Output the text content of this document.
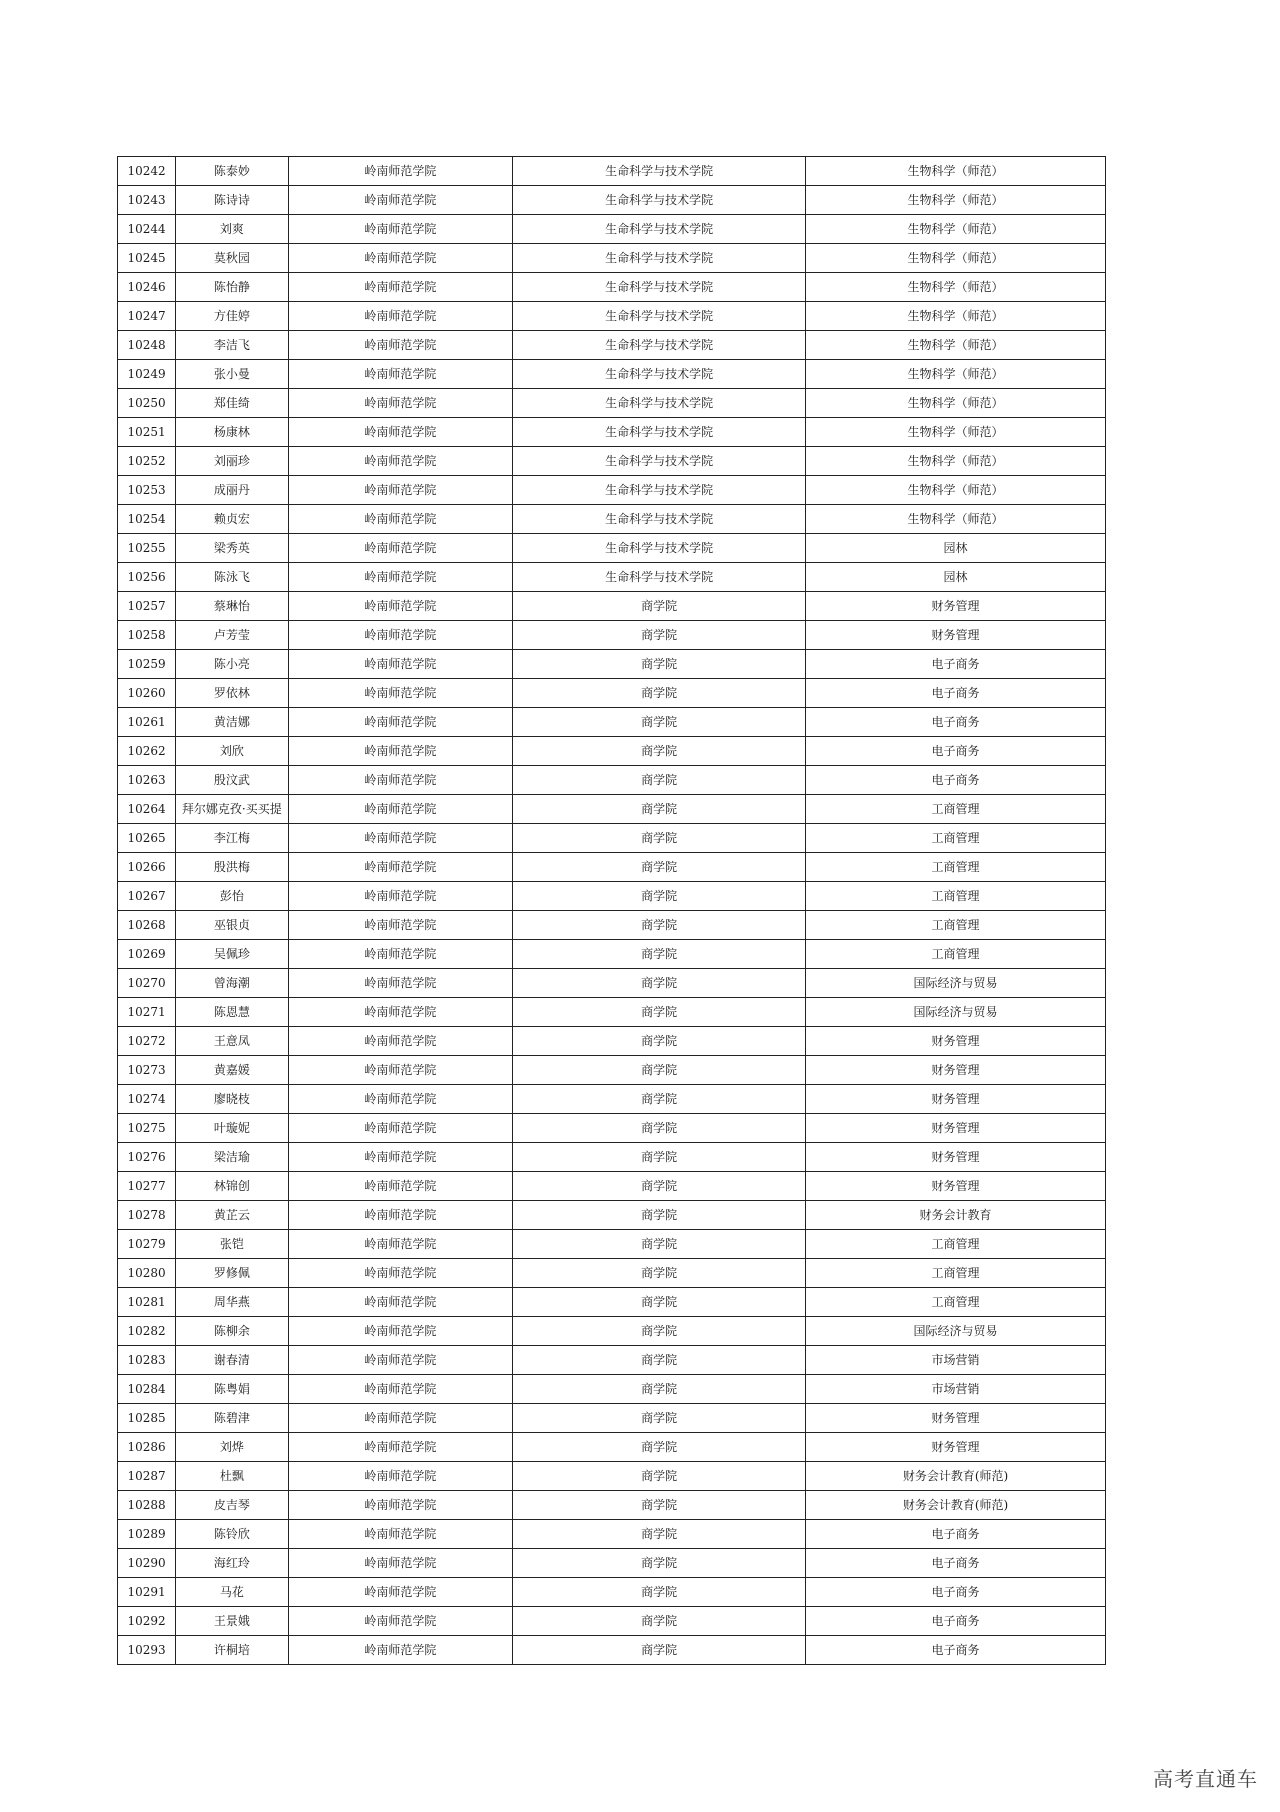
10242	陈泰妙	岭南师范学院	生命科学与技术学院	生物科学（师范）
10243	陈诗诗	岭南师范学院	生命科学与技术学院	生物科学（师范）
10244	刘爽	岭南师范学院	生命科学与技术学院	生物科学（师范）
10245	莫秋园	岭南师范学院	生命科学与技术学院	生物科学（师范）
10246	陈怡静	岭南师范学院	生命科学与技术学院	生物科学（师范）
10247	方佳婷	岭南师范学院	生命科学与技术学院	生物科学（师范）
10248	李洁飞	岭南师范学院	生命科学与技术学院	生物科学（师范）
10249	张小曼	岭南师范学院	生命科学与技术学院	生物科学（师范）
10250	郑佳绮	岭南师范学院	生命科学与技术学院	生物科学（师范）
10251	杨康林	岭南师范学院	生命科学与技术学院	生物科学（师范）
10252	刘丽珍	岭南师范学院	生命科学与技术学院	生物科学（师范）
10253	成丽丹	岭南师范学院	生命科学与技术学院	生物科学（师范）
10254	赖贞宏	岭南师范学院	生命科学与技术学院	生物科学（师范）
10255	梁秀英	岭南师范学院	生命科学与技术学院	园林
10256	陈泳飞	岭南师范学院	生命科学与技术学院	园林
10257	蔡琳怡	岭南师范学院	商学院	财务管理
10258	卢芳莹	岭南师范学院	商学院	财务管理
10259	陈小亮	岭南师范学院	商学院	电子商务
10260	罗依林	岭南师范学院	商学院	电子商务
10261	黄洁娜	岭南师范学院	商学院	电子商务
10262	刘欣	岭南师范学院	商学院	电子商务
10263	殷汶武	岭南师范学院	商学院	电子商务
10264	拜尔娜克孜·买买提	岭南师范学院	商学院	工商管理
10265	李江梅	岭南师范学院	商学院	工商管理
10266	殷洪梅	岭南师范学院	商学院	工商管理
10267	彭怡	岭南师范学院	商学院	工商管理
10268	巫银贞	岭南师范学院	商学院	工商管理
10269	吴佩珍	岭南师范学院	商学院	工商管理
10270	曾海潮	岭南师范学院	商学院	国际经济与贸易
10271	陈恩慧	岭南师范学院	商学院	国际经济与贸易
10272	王意凤	岭南师范学院	商学院	财务管理
10273	黄嘉媛	岭南师范学院	商学院	财务管理
10274	廖晓枝	岭南师范学院	商学院	财务管理
10275	叶璇妮	岭南师范学院	商学院	财务管理
10276	梁洁瑜	岭南师范学院	商学院	财务管理
10277	林锦创	岭南师范学院	商学院	财务管理
10278	黄芷云	岭南师范学院	商学院	财务会计教育
10279	张铠	岭南师范学院	商学院	工商管理
10280	罗修佩	岭南师范学院	商学院	工商管理
10281	周华燕	岭南师范学院	商学院	工商管理
10282	陈柳余	岭南师范学院	商学院	国际经济与贸易
10283	谢春清	岭南师范学院	商学院	市场营销
10284	陈粤娟	岭南师范学院	商学院	市场营销
10285	陈碧津	岭南师范学院	商学院	财务管理
10286	刘烨	岭南师范学院	商学院	财务管理
10287	杜飘	岭南师范学院	商学院	财务会计教育(师范)
10288	皮吉琴	岭南师范学院	商学院	财务会计教育(师范)
10289	陈铃欣	岭南师范学院	商学院	电子商务
10290	海红玲	岭南师范学院	商学院	电子商务
10291	马花	岭南师范学院	商学院	电子商务
10292	王景娥	岭南师范学院	商学院	电子商务
10293	许桐培	岭南师范学院	商学院	电子商务
高考直通车
